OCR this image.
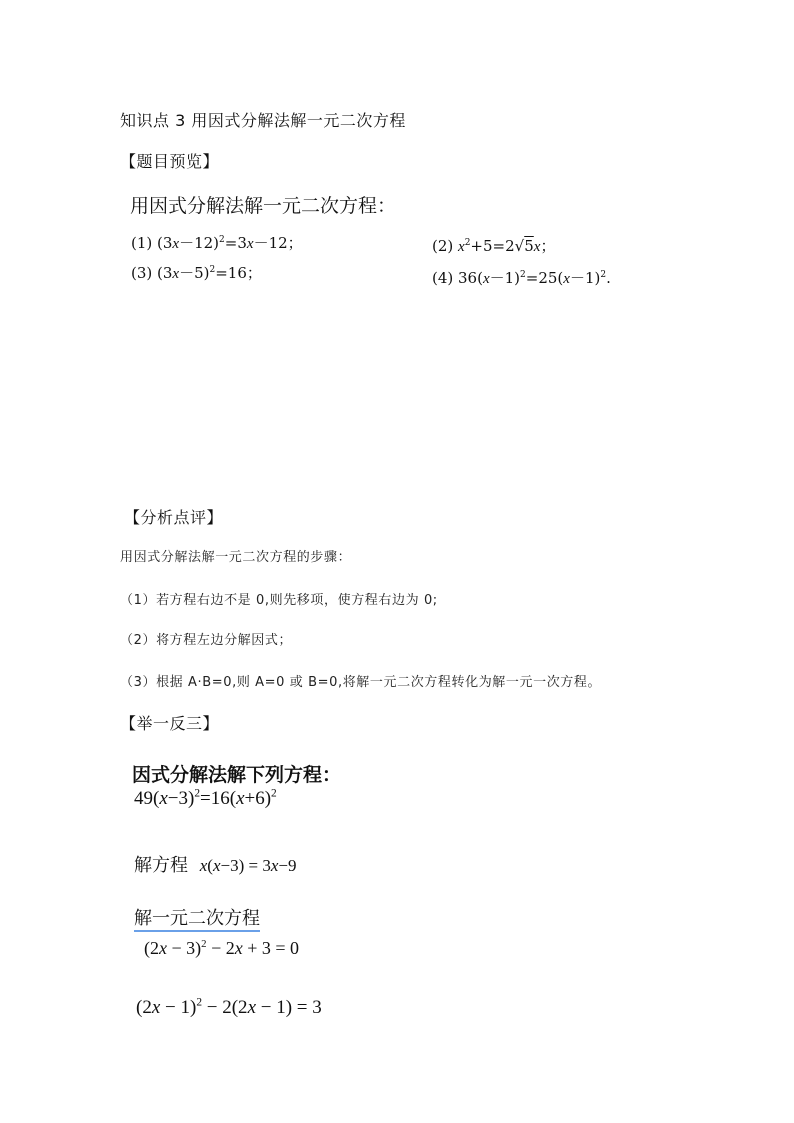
知识点 3 用因式分解法解一元二次方程
【题目预览】
用因式分解法解一元二次方程：
(1) $(3x-12)^2=3x-12$；	(2) $x^2+5=2√5x$；
(3) $(3x-5)^2=16$；	(4) $36(x-1)^2=25(x-1)^2$.
【分析点评】
用因式分解法解一元二次方程的步骤：
（1）若方程右边不是 0,则先移项，使方程右边为 0;
（2）将方程左边分解因式；
（3）根据 A·B=0,则 A=0 或 B=0,将解一元二次方程转化为解一元一次方程。
【举一反三】
因式分解法解下列方程：
$49(x-3)^2=16(x+6)^2$
解方程 x(x−3) = 3x−9
解一元二次方程
$(2x - 3)^2 - 2x + 3 = 0$
$(2x - 1)^2 - 2(2x - 1) = 3$
